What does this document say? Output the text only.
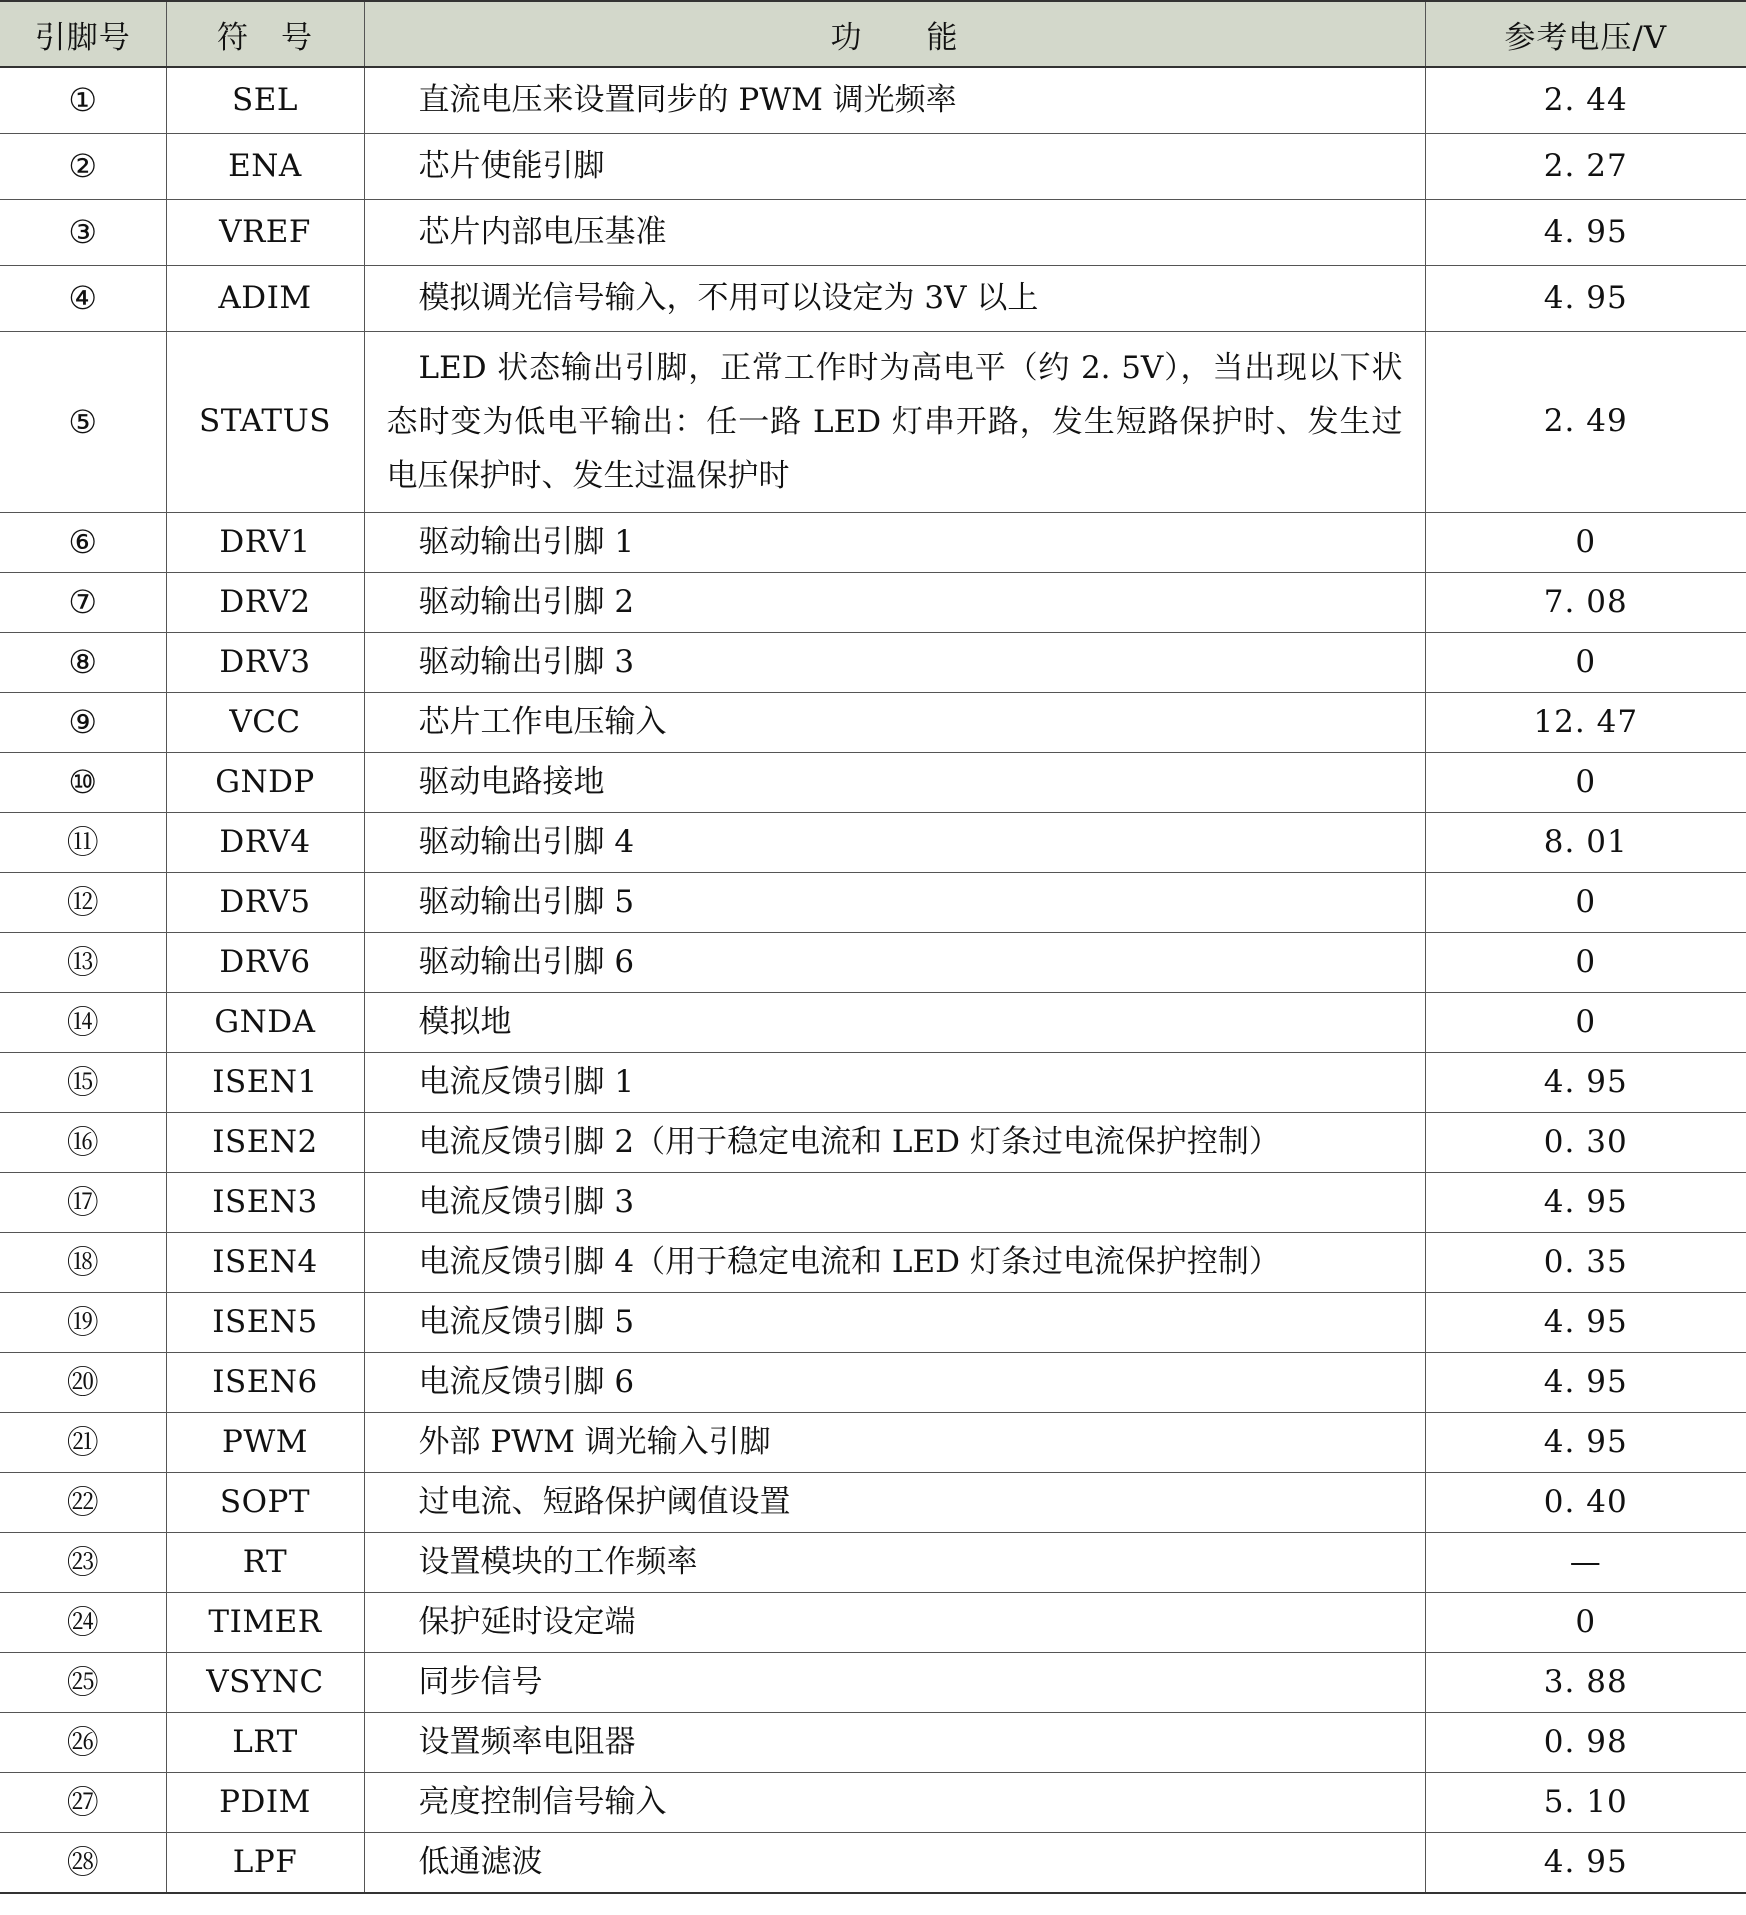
引脚号	符　号	功　　能	参考电压/V
①	SEL	直流电压来设置同步的 PWM 调光频率	2. 44
②	ENA	芯片使能引脚	2. 27
③	VREF	芯片内部电压基准	4. 95
④	ADIM	模拟调光信号输入，不用可以设定为 3V 以上	4. 95
⑤	STATUS	LED 状态输出引脚，正常工作时为高电平（约 2. 5V），当出现以下状态时变为低电平输出：任一路 LED 灯串开路，发生短路保护时、发生过电压保护时、发生过温保护时	2. 49
⑥	DRV1	驱动输出引脚 1	0
⑦	DRV2	驱动输出引脚 2	7. 08
⑧	DRV3	驱动输出引脚 3	0
⑨	VCC	芯片工作电压输入	12. 47
⑩	GNDP	驱动电路接地	0
⑪	DRV4	驱动输出引脚 4	8. 01
⑫	DRV5	驱动输出引脚 5	0
⑬	DRV6	驱动输出引脚 6	0
⑭	GNDA	模拟地	0
⑮	ISEN1	电流反馈引脚 1	4. 95
⑯	ISEN2	电流反馈引脚 2（用于稳定电流和 LED 灯条过电流保护控制）	0. 30
⑰	ISEN3	电流反馈引脚 3	4. 95
⑱	ISEN4	电流反馈引脚 4（用于稳定电流和 LED 灯条过电流保护控制）	0. 35
⑲	ISEN5	电流反馈引脚 5	4. 95
⑳	ISEN6	电流反馈引脚 6	4. 95
㉑	PWM	外部 PWM 调光输入引脚	4. 95
㉒	SOPT	过电流、短路保护阈值设置	0. 40
㉓	RT	设置模块的工作频率	—
㉔	TIMER	保护延时设定端	0
㉕	VSYNC	同步信号	3. 88
㉖	LRT	设置频率电阻器	0. 98
㉗	PDIM	亮度控制信号输入	5. 10
㉘	LPF	低通滤波	4. 95
